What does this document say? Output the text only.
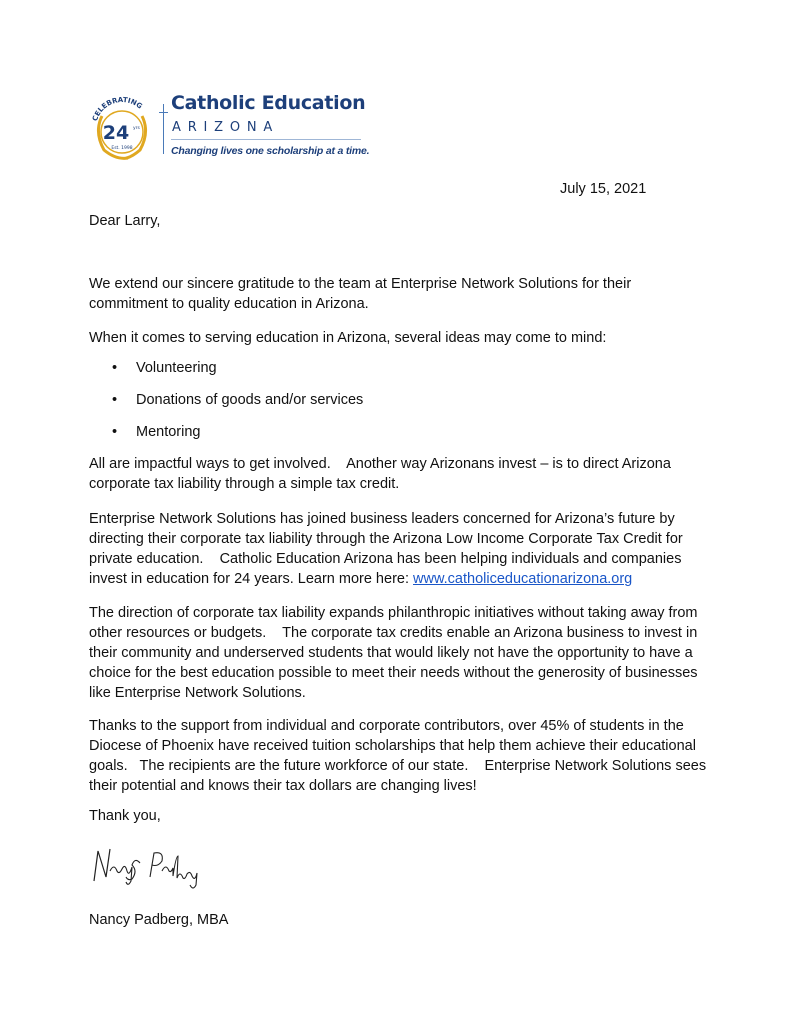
CELEBRATING
24 yrs
Est. 1998
Catholic Education
ARIZONA
Changing lives one scholarship at a time.
July 15, 2021
Dear Larry,

We extend our sincere gratitude to the team at Enterprise Network Solutions for their commitment to quality education in Arizona.

When it comes to serving education in Arizona, several ideas may come to mind:

• Volunteering
• Donations of goods and/or services
• Mentoring

All are impactful ways to get involved.    Another way Arizonans invest – is to direct Arizona corporate tax liability through a simple tax credit.

Enterprise Network Solutions has joined business leaders concerned for Arizona’s future by directing their corporate tax liability through the Arizona Low Income Corporate Tax Credit for private education.    Catholic Education Arizona has been helping individuals and companies invest in education for 24 years. Learn more here: www.catholiceducationarizona.org

The direction of corporate tax liability expands philanthropic initiatives without taking away from other resources or budgets.    The corporate tax credits enable an Arizona business to invest in their community and underserved students that would likely not have the opportunity to have a choice for the best education possible to meet their needs without the generosity of businesses like Enterprise Network Solutions.

Thanks to the support from individual and corporate contributors, over 45% of students in the Diocese of Phoenix have received tuition scholarships that help them achieve their educational goals.   The recipients are the future workforce of our state.    Enterprise Network Solutions sees their potential and knows their tax dollars are changing lives!

Thank you,
Nancy Padberg, MBA
